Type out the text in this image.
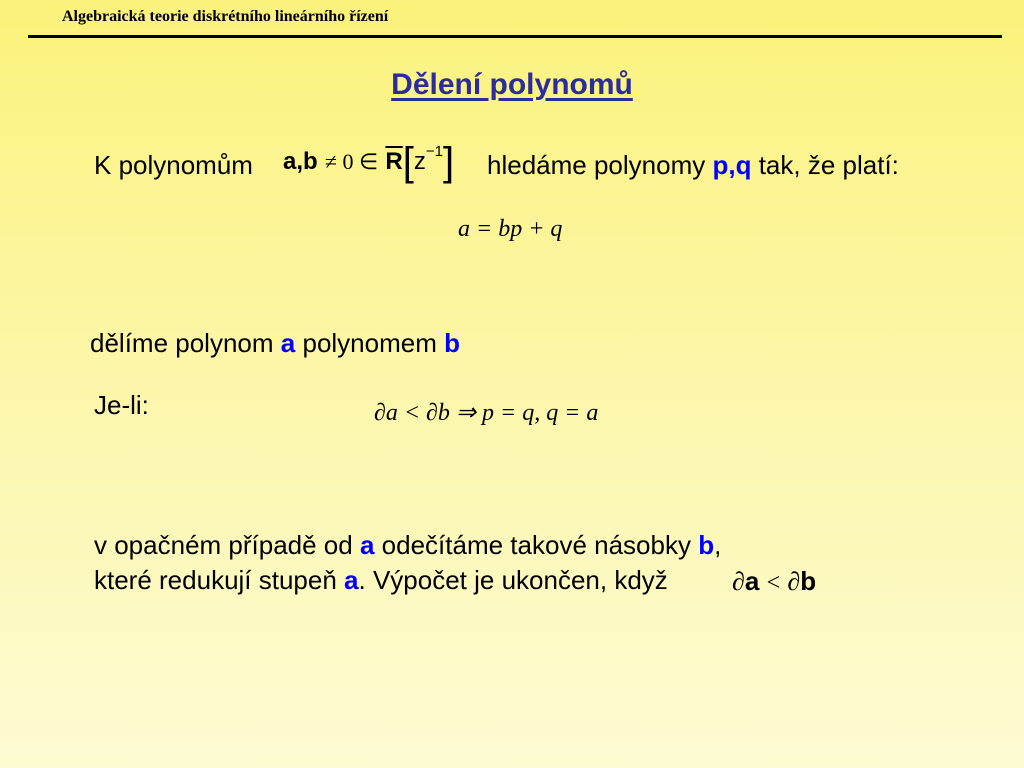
Algebraická teorie diskrétního lineárního řízení
Dělení polynomů
K polynomům a,b ≠ 0 ∈ $\overline{R}[z^{-1}]$ hledáme polynomy p,q tak, že platí:
a = bp + q
dělíme polynom a polynomem b
Je-li:	∂a < ∂b ⇒ p = q, q = a
v opačném případě od a odečítáme takové násobky b,
které redukují stupeň a. Výpočet je ukončen, když ∂a < ∂b
